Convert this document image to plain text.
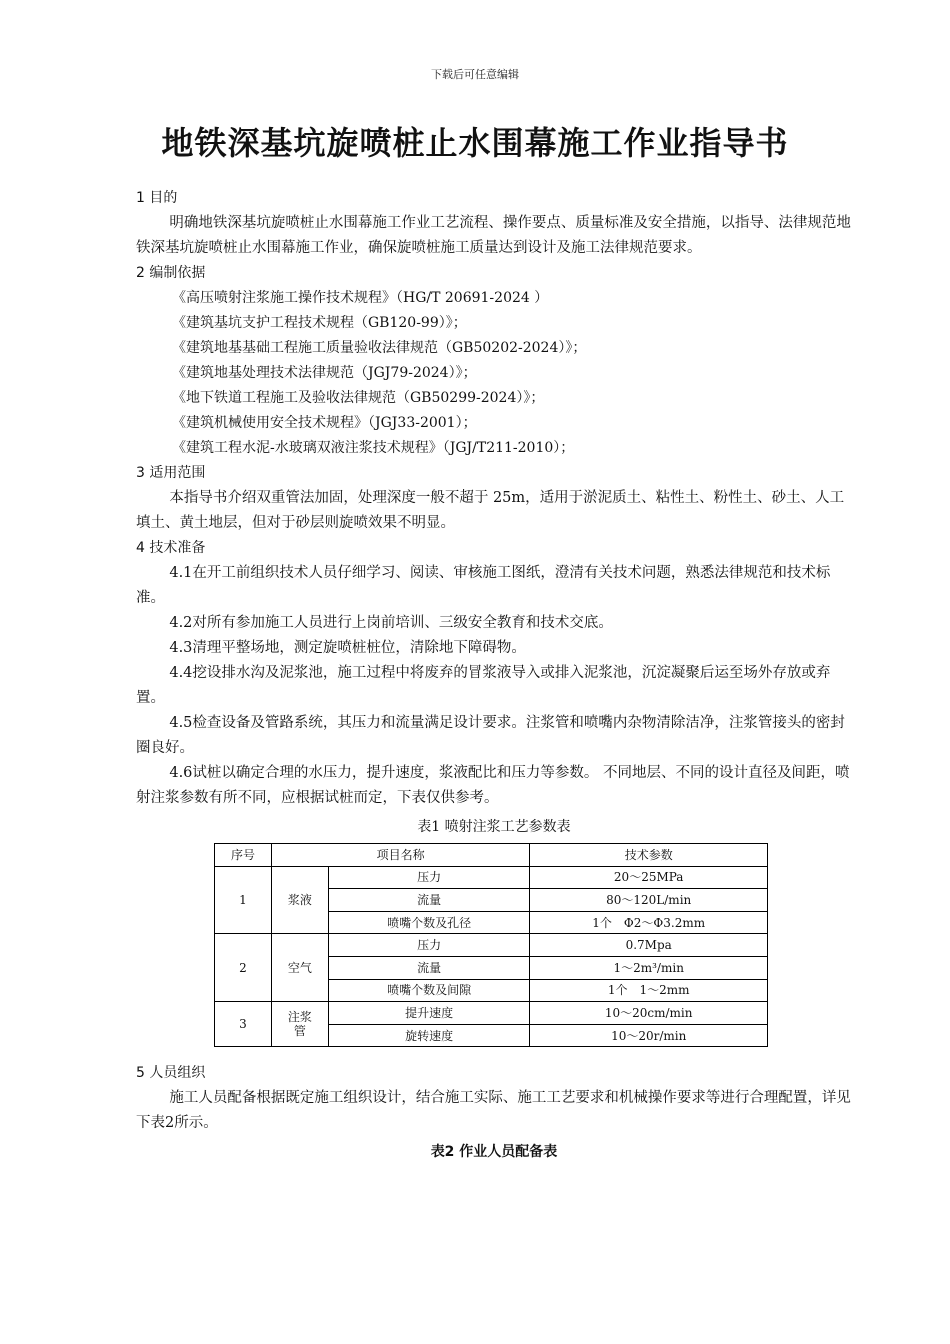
下载后可任意编辑
地铁深基坑旋喷桩止水围幕施工作业指导书

1 目的

明确地铁深基坑旋喷桩止水围幕施工作业工艺流程、操作要点、质量标准及安全措施，以指导、法律规范地铁深基坑旋喷桩止水围幕施工作业，确保旋喷桩施工质量达到设计及施工法律规范要求。

2 编制依据

《高压喷射注浆施工操作技术规程》（HG/T 20691-2024 ）

《建筑基坑支护工程技术规程（GB120-99）》；

《建筑地基基础工程施工质量验收法律规范（GB50202-2024）》；

《建筑地基处理技术法律规范（JGJ79-2024）》；

《地下铁道工程施工及验收法律规范（GB50299-2024）》；

《建筑机械使用安全技术规程》（JGJ33-2001）；

《建筑工程水泥-水玻璃双液注浆技术规程》（JGJ/T211-2010）；

3 适用范围

本指导书介绍双重管法加固，处理深度一般不超于 25m，适用于淤泥质土、粘性土、粉性土、砂土、人工填土、黄土地层，但对于砂层则旋喷效果不明显。

4 技术准备

4.1在开工前组织技术人员仔细学习、阅读、审核施工图纸，澄清有关技术问题，熟悉法律规范和技术标准。

4.2对所有参加施工人员进行上岗前培训、三级安全教育和技术交底。

4.3清理平整场地，测定旋喷桩桩位，清除地下障碍物。

4.4挖设排水沟及泥浆池，施工过程中将废弃的冒浆液导入或排入泥浆池，沉淀凝聚后运至场外存放或弃置。

4.5检查设备及管路系统，其压力和流量满足设计要求。注浆管和喷嘴内杂物清除洁净，注浆管接头的密封圈良好。

4.6试桩以确定合理的水压力，提升速度，浆液配比和压力等参数。 不同地层、不同的设计直径及间距，喷射注浆参数有所不同，应根据试桩而定，下表仅供参考。

表1 喷射注浆工艺参数表

序号	项目名称		技术参数
1	浆液	压力	20～25MPa
		流量	80～120L/min
		喷嘴个数及孔径	1个　Φ2～Φ3.2mm
2	空气	压力	0.7Mpa
		流量	1～2m³/min
		喷嘴个数及间隙	1个　1～2mm
3	注浆管	提升速度	10～20cm/min
		旋转速度	10～20r/min

5 人员组织

施工人员配备根据既定施工组织设计，结合施工实际、施工工艺要求和机械操作要求等进行合理配置，详见下表2所示。

表2 作业人员配备表
